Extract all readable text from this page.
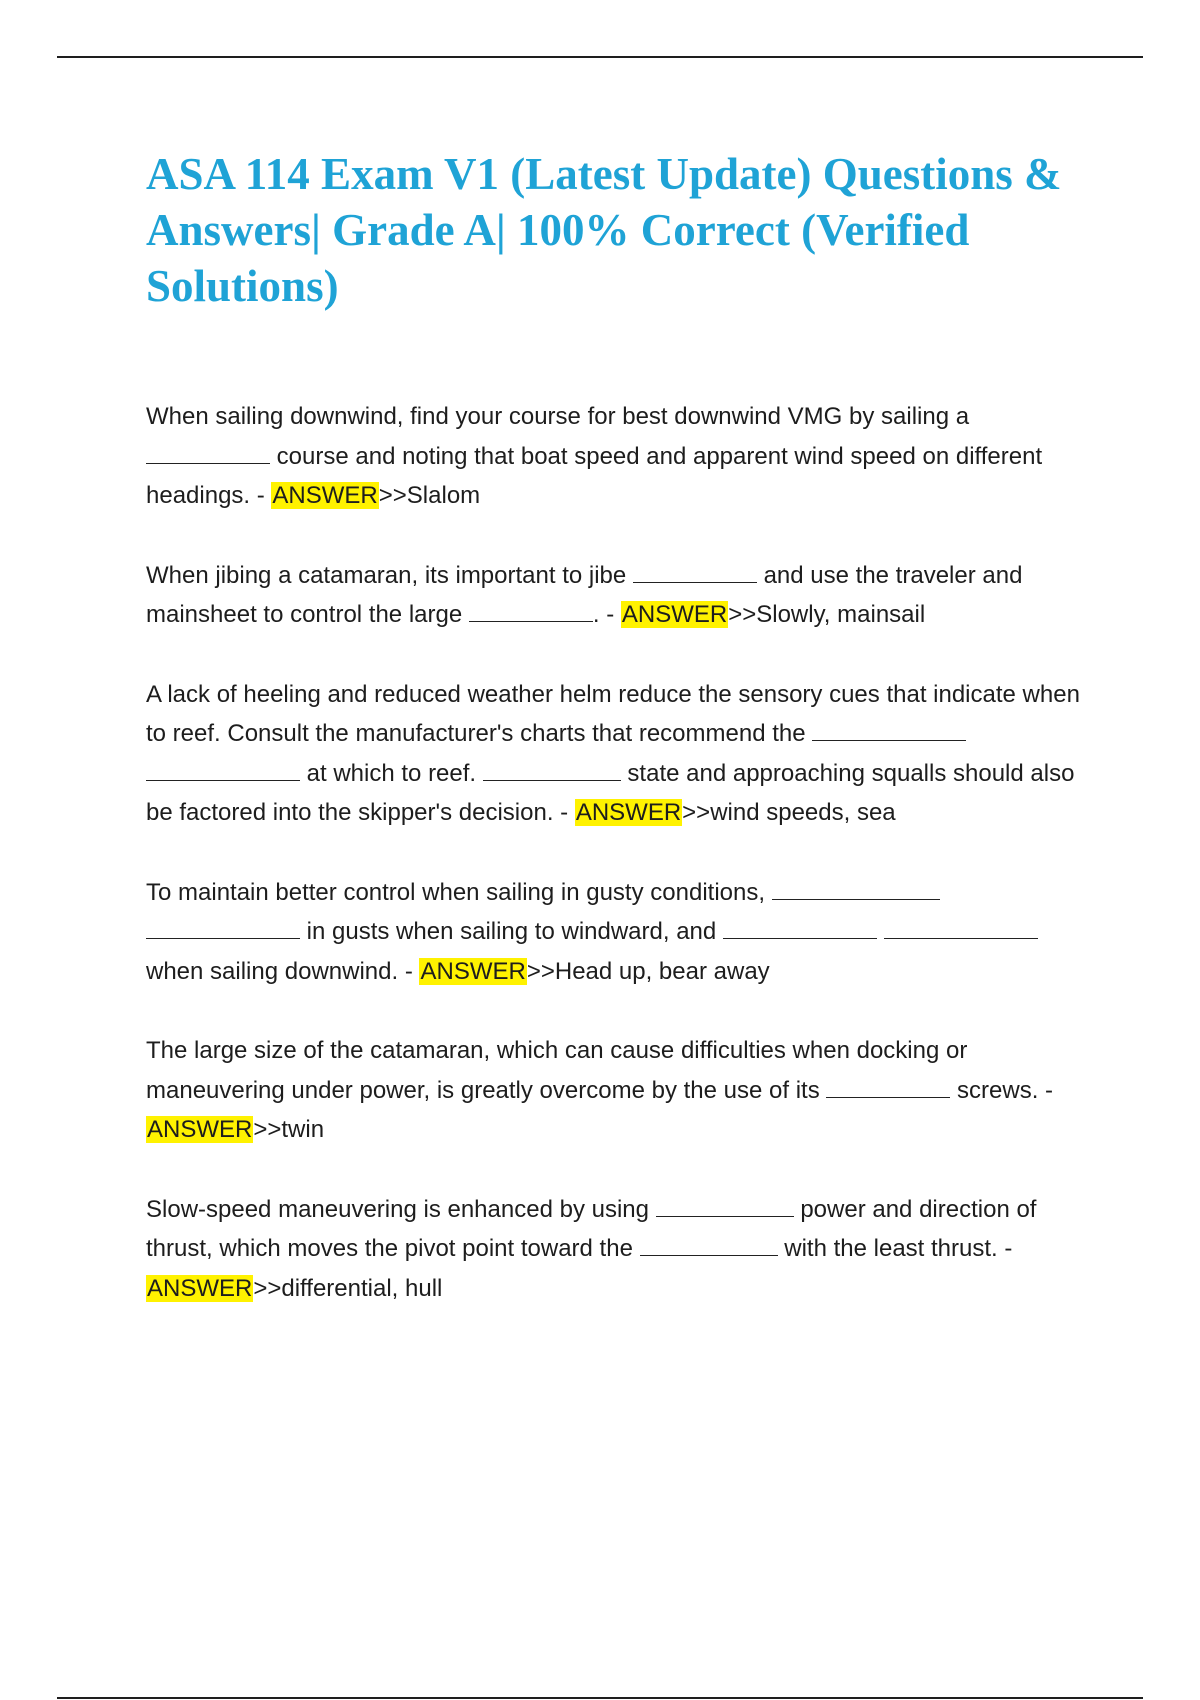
ASA 114 Exam V1 (Latest Update) Questions & Answers| Grade A| 100% Correct (Verified Solutions)

When sailing downwind, find your course for best downwind VMG by sailing a  course and noting that boat speed and apparent wind speed on different headings. - ANSWER>>Slalom

When jibing a catamaran, its important to jibe	and use the traveler and mainsheet to control the large	. - ANSWER>>Slowly, mainsail

A lack of heeling and reduced weather helm reduce the sensory cues that indicate when to reef. Consult the manufacturer's charts that recommend the   at which to reef.	state and approaching squalls should also be factored into the skipper's decision. - ANSWER>>wind speeds, sea

To maintain better control when sailing in gusty conditions,   in gusts when sailing to windward, and   when sailing downwind. - ANSWER>>Head up, bear away

The large size of the catamaran, which can cause difficulties when docking or maneuvering under power, is greatly overcome by the use of its	screws. - ANSWER>>twin

Slow-speed maneuvering is enhanced by using	power and direction of thrust, which moves the pivot point toward the	with the least thrust. - ANSWER>>differential, hull
